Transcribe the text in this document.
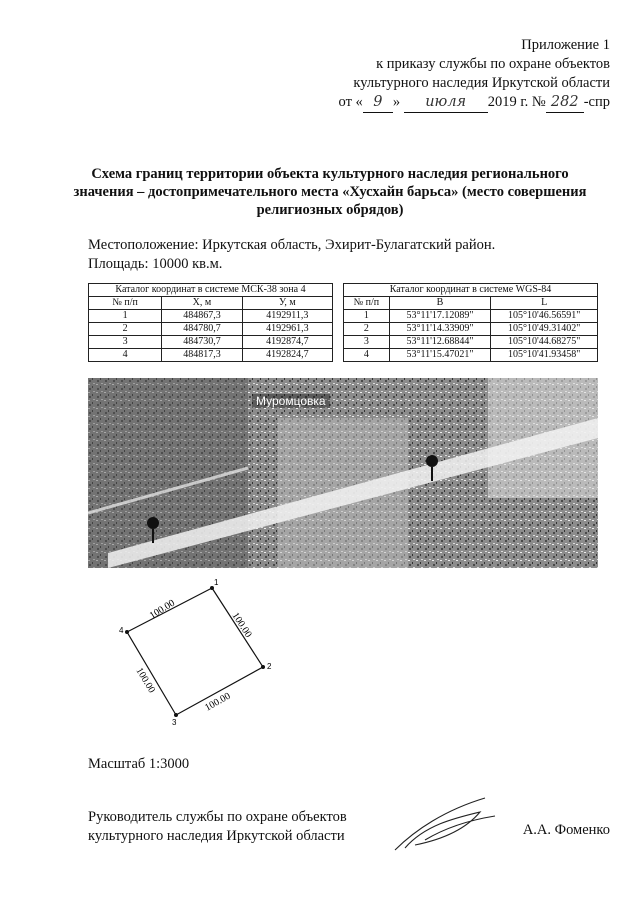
Приложение 1
к приказу службы по охране объектов
культурного наследия Иркутской области
от « 9 » июля 2019 г. № 282 -спр
Схема границ территории объекта культурного наследия регионального значения – достопримечательного места «Хусхайн барьса» (место совершения религиозных обрядов)
Местоположение: Иркутская область, Эхирит-Булагатский район.
Площадь: 10000 кв.м.
Каталог координат в системе МСК-38 зона 4		
№ п/п	X, м	У, м
1	484867,3	4192911,3
2	484780,7	4192961,3
3	484730,7	4192874,7
4	484817,3	4192824,7
Каталог координат в системе WGS-84		
№ п/п	B	L
1	53°11'17.12089"	105°10'46.56591"
2	53°11'14.33909"	105°10'49.31402"
3	53°11'12.68844"	105°10'44.68275"
4	53°11'15.47021"	105°10'41.93458"
Муромцовка
1
2
3
4
100.00
100.00
100.00
100.00
Масштаб 1:3000
Руководитель службы по охране объектов
культурного наследия Иркутской области	А.А. Фоменко
